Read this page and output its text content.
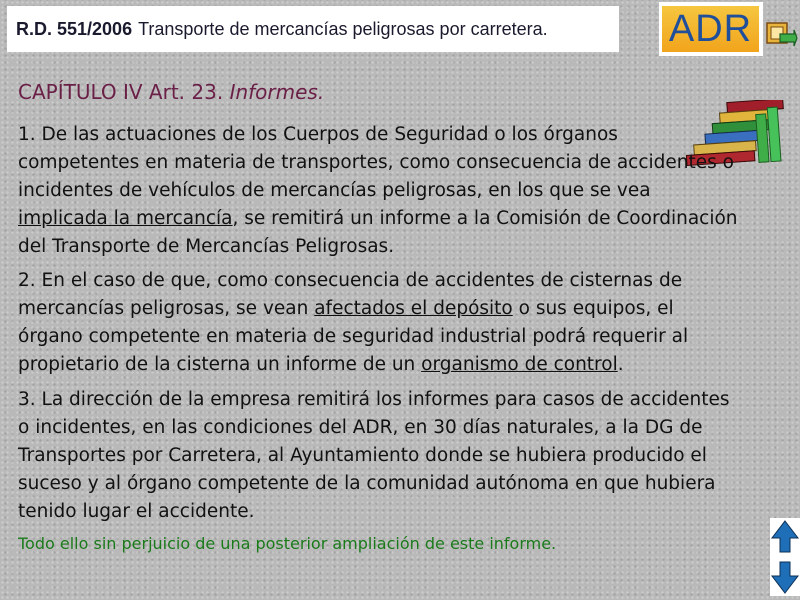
R.D. 551/2006 Transporte de mercancías peligrosas por carretera.	ADR
CAPÍTULO IV Art. 23. Informes.

1. De las actuaciones de los Cuerpos de Seguridad o los órganos competentes en materia de transportes, como consecuencia de accidentes o incidentes de vehículos de mercancías peligrosas, en los que se vea implicada la mercancía, se remitirá un informe a la Comisión de Coordinación del Transporte de Mercancías Peligrosas.

2. En el caso de que, como consecuencia de accidentes de cisternas de mercancías peligrosas, se vean afectados el depósito o sus equipos, el órgano competente en materia de seguridad industrial podrá requerir al propietario de la cisterna un informe de un organismo de control.

3. La dirección de la empresa remitirá los informes para casos de accidentes o incidentes, en las condiciones del ADR, en 30 días naturales, a la DG de Transportes por Carretera, al Ayuntamiento donde se hubiera producido el suceso y al órgano competente de la comunidad autónoma en que hubiera tenido lugar el accidente.

Todo ello sin perjuicio de una posterior ampliación de este informe.
